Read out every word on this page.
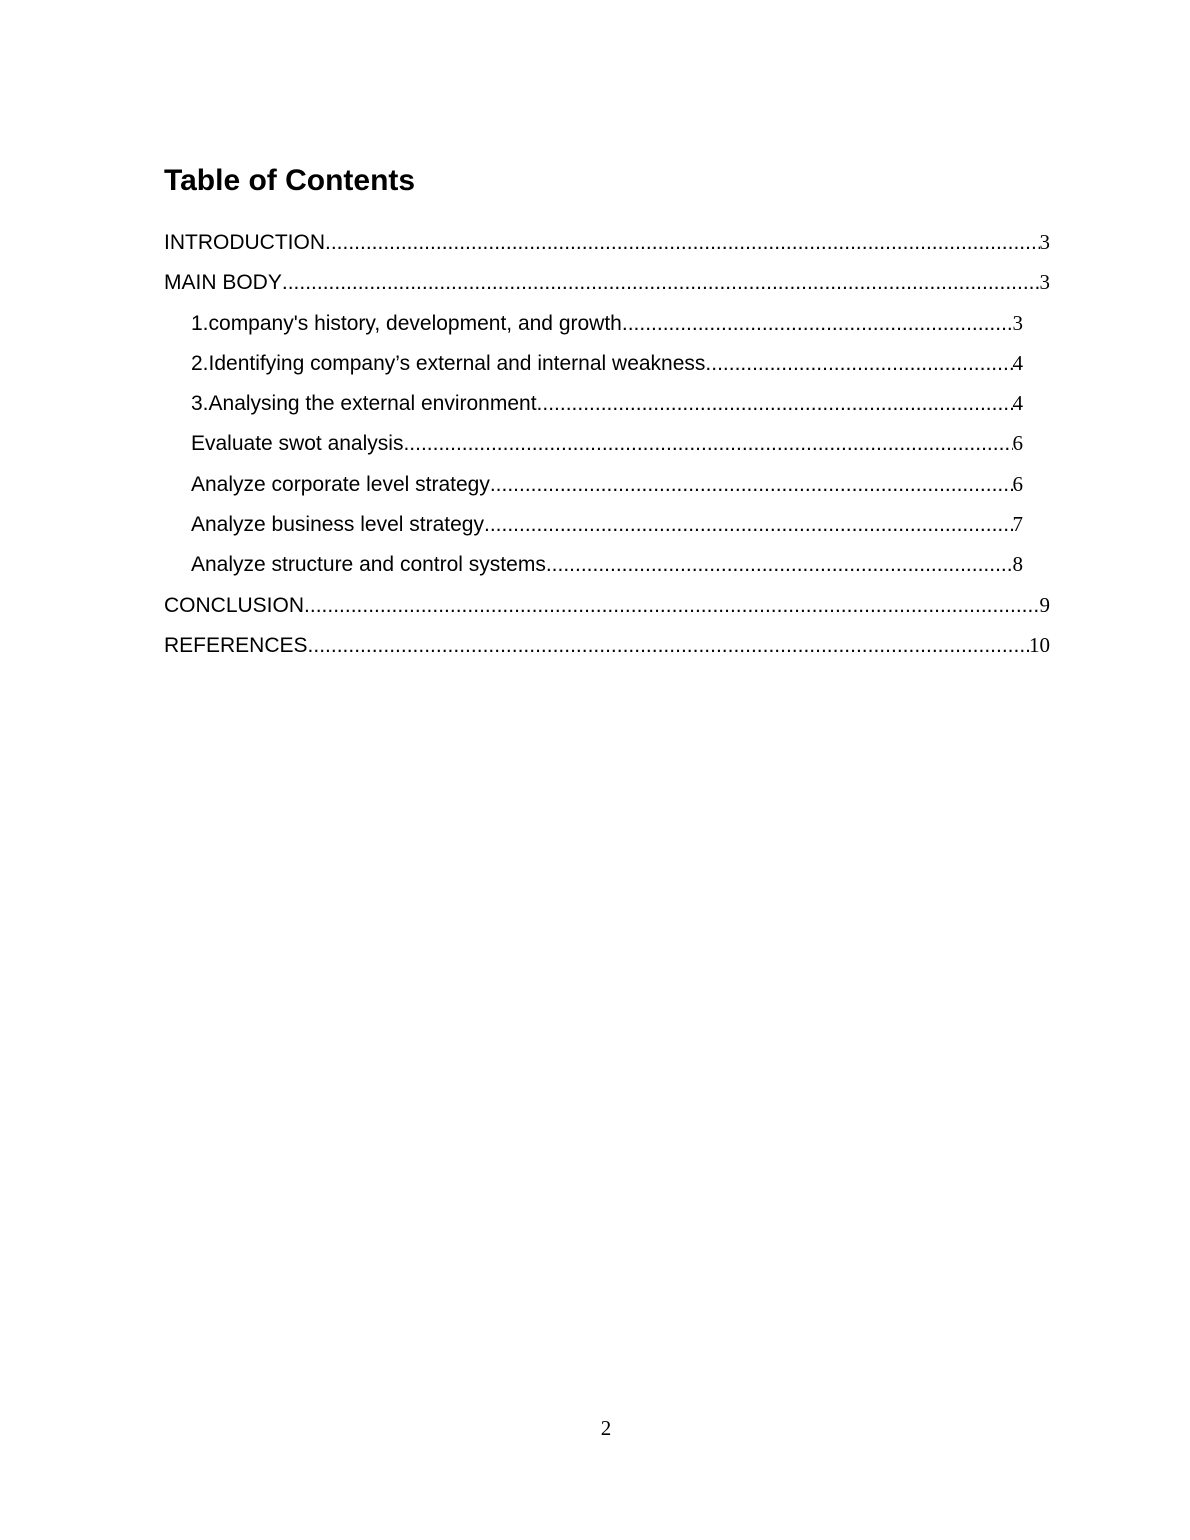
Table of Contents
INTRODUCTION .....	3
MAIN BODY .....	3
1.company's history, development, and growth .....	3
2.Identifying company’s external and internal weakness .....	4
3.Analysing the external environment .....	4
Evaluate swot analysis .....	6
Analyze corporate level strategy .....	6
Analyze business level strategy .....	7
Analyze structure and control systems .....	8
CONCLUSION .....	9
REFERENCES .....	10
2
